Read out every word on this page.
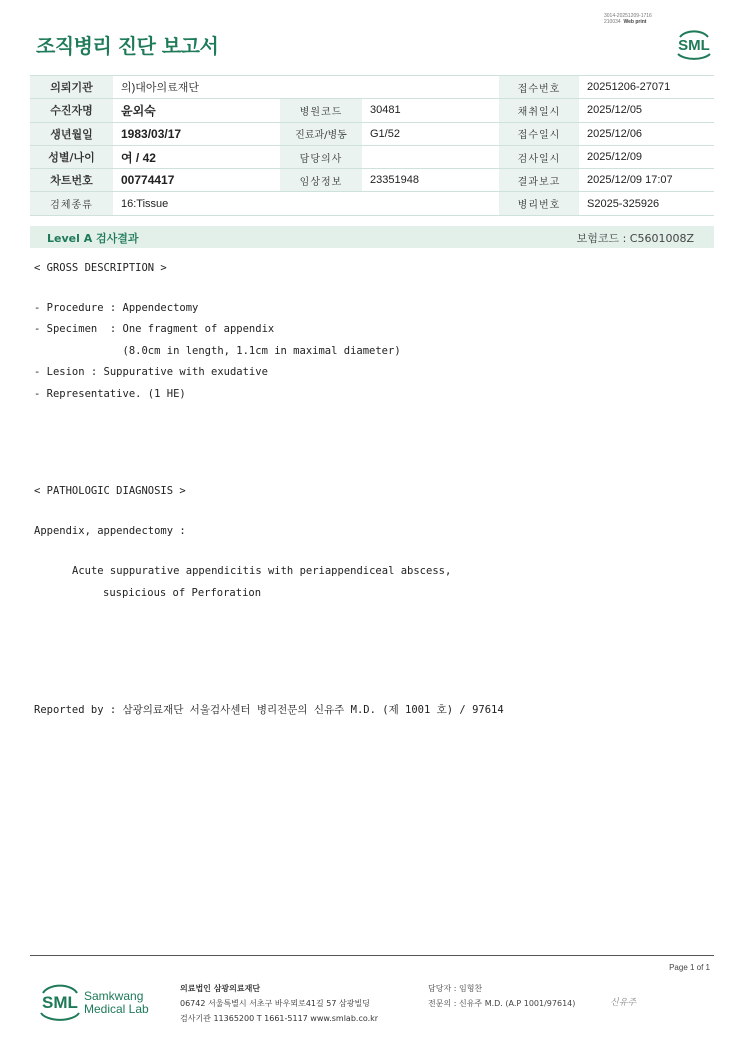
3014-20251209-1716
210034 Web print
조직병리 진단 보고서	SML
의뢰기관	의)대아의료재단			접수번호	20251206-27071
수진자명	윤외숙	병원코드	30481	채취일시	2025/12/05
생년월일	1983/03/17	진료과/병동	G1/52	접수일시	2025/12/06
성별/나이	여 / 42	담당의사		검사일시	2025/12/09
차트번호	00774417	임상정보	23351948	결과보고	2025/12/09 17:07
검체종류	16:Tissue			병리번호	S2025-325926
Level A 검사결과	보험코드 : C5601008Z
< GROSS DESCRIPTION >
- Procedure : Appendectomy
- Specimen  : One fragment of appendix
(8.0cm in length, 1.1cm in maximal diameter)
- Lesion : Suppurative with exudative
- Representative. (1 HE)
< PATHOLOGIC DIAGNOSIS >
Appendix, appendectomy :
Acute suppurative appendicitis with periappendiceal abscess,
suspicious of Perforation
Reported by : 삼광의료재단 서울검사센터 병리전문의 신유주 M.D. (제 1001 호) / 97614
Page 1 of 1
SML Samkwang
Medical Lab
의료법인 삼광의료재단
06742 서울특별시 서초구 바우뫼로41길 57 삼광빌딩
검사기관 11365200 T 1661-5117 www.smlab.co.kr
담당자 : 임형찬
전문의 : 신유주 M.D. (A.P 1001/97614)	신유주
